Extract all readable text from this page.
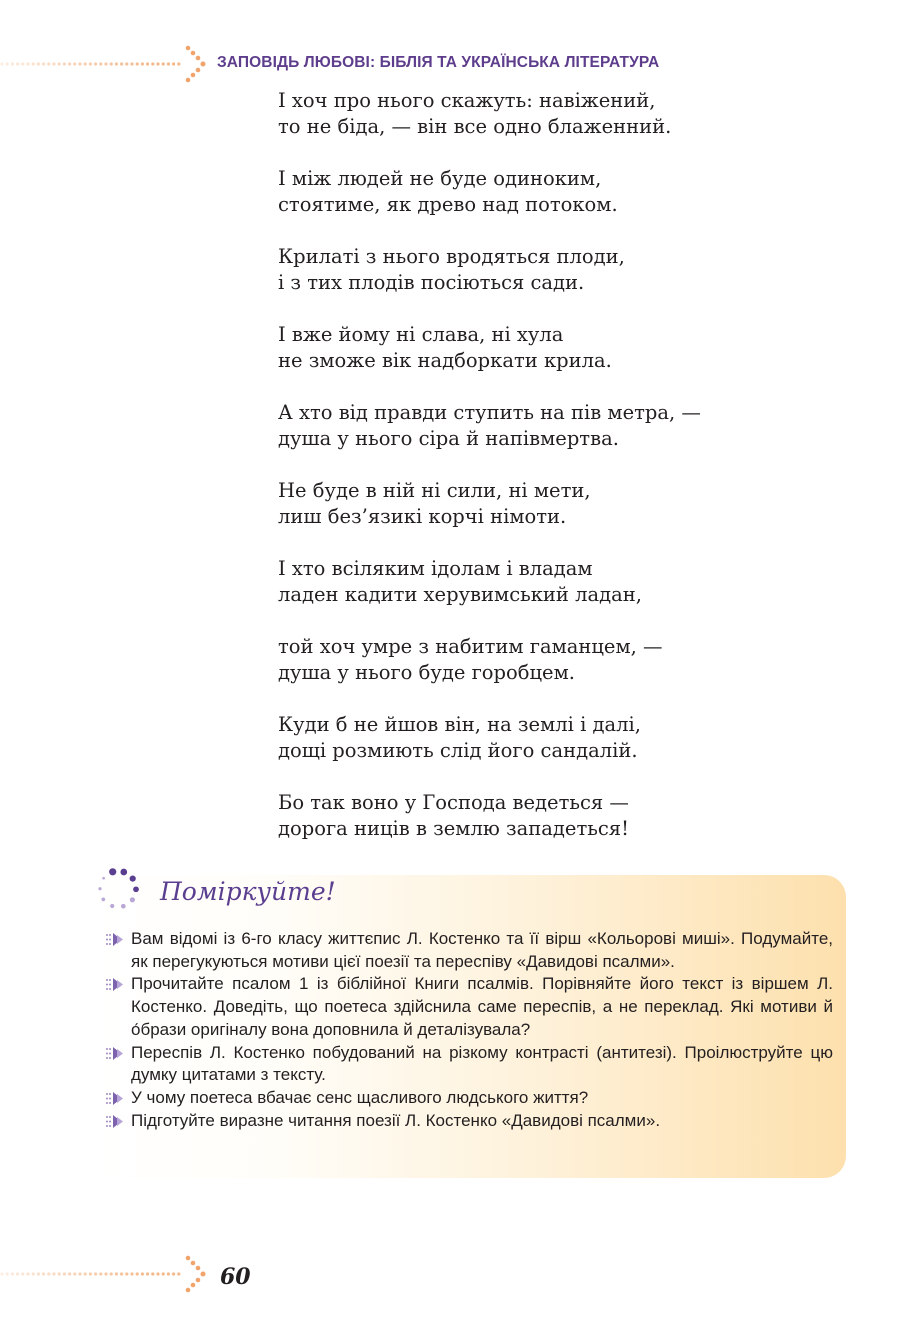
ЗАПОВІДЬ ЛЮБОВІ: БІБЛІЯ ТА УКРАЇНСЬКА ЛІТЕРАТУРА
І хоч про нього скажуть: навіжений,
то не біда, — він все одно блаженний.
І між людей не буде одиноким,
стоятиме, як древо над потоком.
Крилаті з нього вродяться плоди,
і з тих плодів посіються сади.
І вже йому ні слава, ні хула
не зможе вік надборкати крила.
А хто від правди ступить на пів метра, —
душа у нього сіра й напівмертва.
Не буде в ній ні сили, ні мети,
лиш без’язикі корчі німоти.
І хто всіляким ідолам і владам
ладен кадити херувимський ладан,
той хоч умре з набитим гаманцем, —
душа у нього буде горобцем.
Куди б не йшов він, на землі і далі,
дощі розмиють слід його сандалій.
Бо так воно у Господа ведеться —
дорога ниців в землю западеться!
Поміркуйте!
Вам відомі із 6-го класу життєпис Л. Костенко та її вірш «Кольорові миші». Подумайте, як перегукуються мотиви цієї поезії та переспіву «Давидові псалми».
Прочитайте псалом 1 із біблійної Книги псалмів. Порівняйте його текст із віршем Л. Костенко. Доведіть, що поетеса здійснила саме переспів, а не переклад. Які мотиви й о́брази оригіналу вона доповнила й деталізувала?
Переспів Л. Костенко побудований на різкому контрасті (антитезі). Проілюструйте цю думку цитатами з тексту.
У чому поетеса вбачає сенс щасливого людського життя?
Підготуйте виразне читання поезії Л. Костенко «Давидові псалми».
60
